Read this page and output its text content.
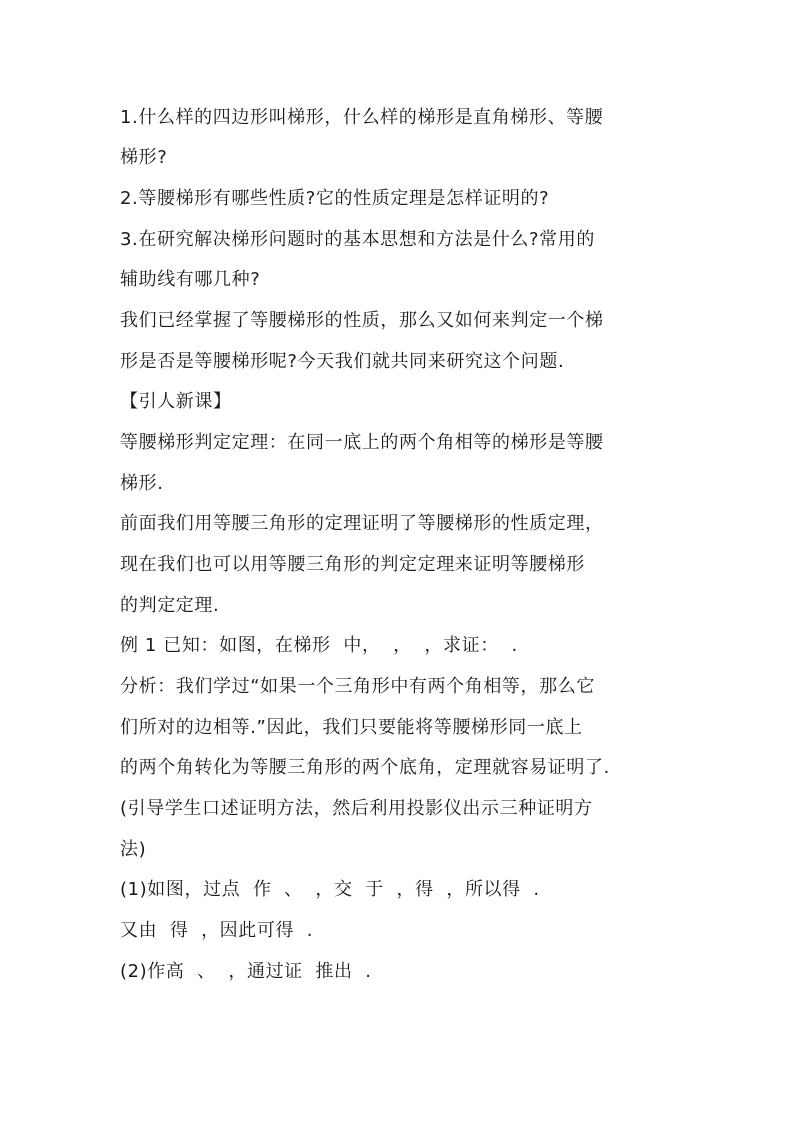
1.什么样的四边形叫梯形，什么样的梯形是直角梯形、等腰
梯形?
2.等腰梯形有哪些性质?它的性质定理是怎样证明的?
3.在研究解决梯形问题时的基本思想和方法是什么?常用的
辅助线有哪几种?
我们已经掌握了等腰梯形的性质，那么又如何来判定一个梯
形是否是等腰梯形呢?今天我们就共同来研究这个问题.
【引人新课】
等腰梯形判定定理：在同一底上的两个角相等的梯形是等腰
梯形.
前面我们用等腰三角形的定理证明了等腰梯形的性质定理，
现在我们也可以用等腰三角形的判定定理来证明等腰梯形
的判定定理.
例 1 已知：如图，在梯形  中，  ，  ，求证：  .
分析：我们学过“如果一个三角形中有两个角相等，那么它
们所对的边相等.”因此，我们只要能将等腰梯形同一底上
的两个角转化为等腰三角形的两个底角，定理就容易证明了.
(引导学生口述证明方法，然后利用投影仪出示三种证明方
法)
(1)如图，过点  作  、  ，交  于  ，得  ，所以得  .
又由  得  ，因此可得  .
(2)作高  、  ，通过证  推出  .
